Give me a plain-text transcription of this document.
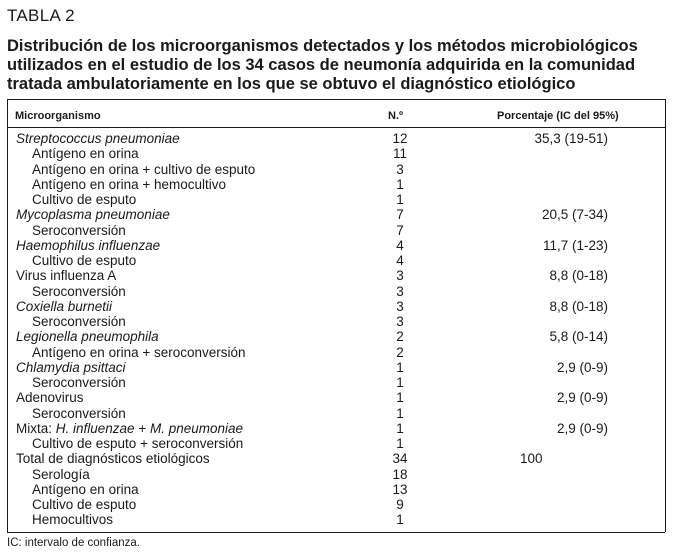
TABLA 2
Distribución de los microorganismos detectados y los métodos microbiológicos
utilizados en el estudio de los 34 casos de neumonía adquirida en la comunidad
tratada ambulatoriamente en los que se obtuvo el diagnóstico etiológico
Microorganismo	N.º	Porcentaje (IC del 95%)
Streptococcus pneumoniae	12	35,3 (19-51)
Antígeno en orina	11
Antígeno en orina + cultivo de esputo	3
Antígeno en orina + hemocultivo	1
Cultivo de esputo	1
Mycoplasma pneumoniae	7	20,5 (7-34)
Seroconversión	7
Haemophilus influenzae	4	11,7 (1-23)
Cultivo de esputo	4
Virus influenza A	3	8,8 (0-18)
Seroconversión	3
Coxiella burnetii	3	8,8 (0-18)
Seroconversión	3
Legionella pneumophila	2	5,8 (0-14)
Antígeno en orina + seroconversión	2
Chlamydia psittaci	1	2,9 (0-9)
Seroconversión	1
Adenovirus	1	2,9 (0-9)
Seroconversión	1
Mixta: H. influenzae + M. pneumoniae	1	2,9 (0-9)
Cultivo de esputo + seroconversión	1
Total de diagnósticos etiológicos	34	100
Serología	18
Antígeno en orina	13
Cultivo de esputo	9
Hemocultivos	1
IC: intervalo de confianza.
